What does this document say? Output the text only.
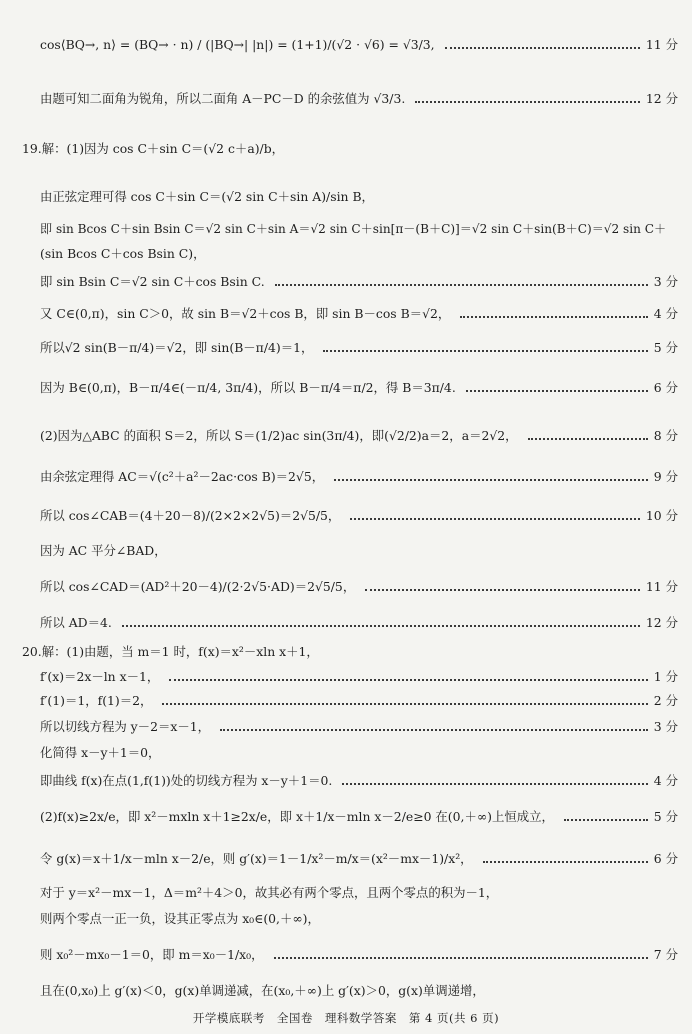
cos⟨BQ→, n⟩ = (BQ→ · n) / (|BQ→| |n|) = (1+1)/(√2 · √6) = √3/3,	11 分
由题可知二面角为锐角，所以二面角 A－PC－D 的余弦值为 √3/3.	12 分
19.解：(1)因为 cos C＋sin C＝(√2 c＋a)/b，
由正弦定理可得 cos C＋sin C＝(√2 sin C＋sin A)/sin B，
即 sin Bcos C＋sin Bsin C＝√2 sin C＋sin A＝√2 sin C＋sin[π－(B＋C)]＝√2 sin C＋sin(B＋C)＝√2 sin C＋
(sin Bcos C＋cos Bsin C)，
即 sin Bsin C＝√2 sin C＋cos Bsin C.	3 分
又 C∈(0,π)，sin C＞0，故 sin B＝√2＋cos B，即 sin B－cos B＝√2，	4 分
所以√2 sin(B－π/4)＝√2，即 sin(B－π/4)＝1，	5 分
因为 B∈(0,π)，B－π/4∈(－π/4, 3π/4)，所以 B－π/4＝π/2，得 B＝3π/4.	6 分
(2)因为△ABC 的面积 S＝2，所以 S＝(1/2)ac sin(3π/4)，即(√2/2)a＝2，a＝2√2，	8 分
由余弦定理得 AC＝√(c²＋a²－2ac·cos B)＝2√5，	9 分
所以 cos∠CAB＝(4＋20－8)/(2×2×2√5)＝2√5/5，	10 分
因为 AC 平分∠BAD，
所以 cos∠CAD＝(AD²＋20－4)/(2·2√5·AD)＝2√5/5，	11 分
所以 AD＝4.	12 分
20.解：(1)由题，当 m＝1 时，f(x)＝x²－xln x＋1，
f′(x)＝2x－ln x－1，	1 分
f′(1)＝1，f(1)＝2，	2 分
所以切线方程为 y－2＝x－1，	3 分
化简得 x－y＋1＝0，
即曲线 f(x)在点(1,f(1))处的切线方程为 x－y＋1＝0.	4 分
(2)f(x)≥2x/e，即 x²－mxln x＋1≥2x/e，即 x＋1/x－mln x－2/e≥0 在(0,＋∞)上恒成立，	5 分
令 g(x)＝x＋1/x－mln x－2/e，则 g′(x)＝1－1/x²－m/x＝(x²－mx－1)/x²，	6 分
对于 y＝x²－mx－1，Δ＝m²＋4＞0，故其必有两个零点，且两个零点的积为－1，
则两个零点一正一负，设其正零点为 x₀∈(0,＋∞)，
则 x₀²－mx₀－1＝0，即 m＝x₀－1/x₀，	7 分
且在(0,x₀)上 g′(x)＜0，g(x)单调递减，在(x₀,＋∞)上 g′(x)＞0，g(x)单调递增，
开学模底联考　全国卷　理科数学答案　第 4 页(共 6 页)
